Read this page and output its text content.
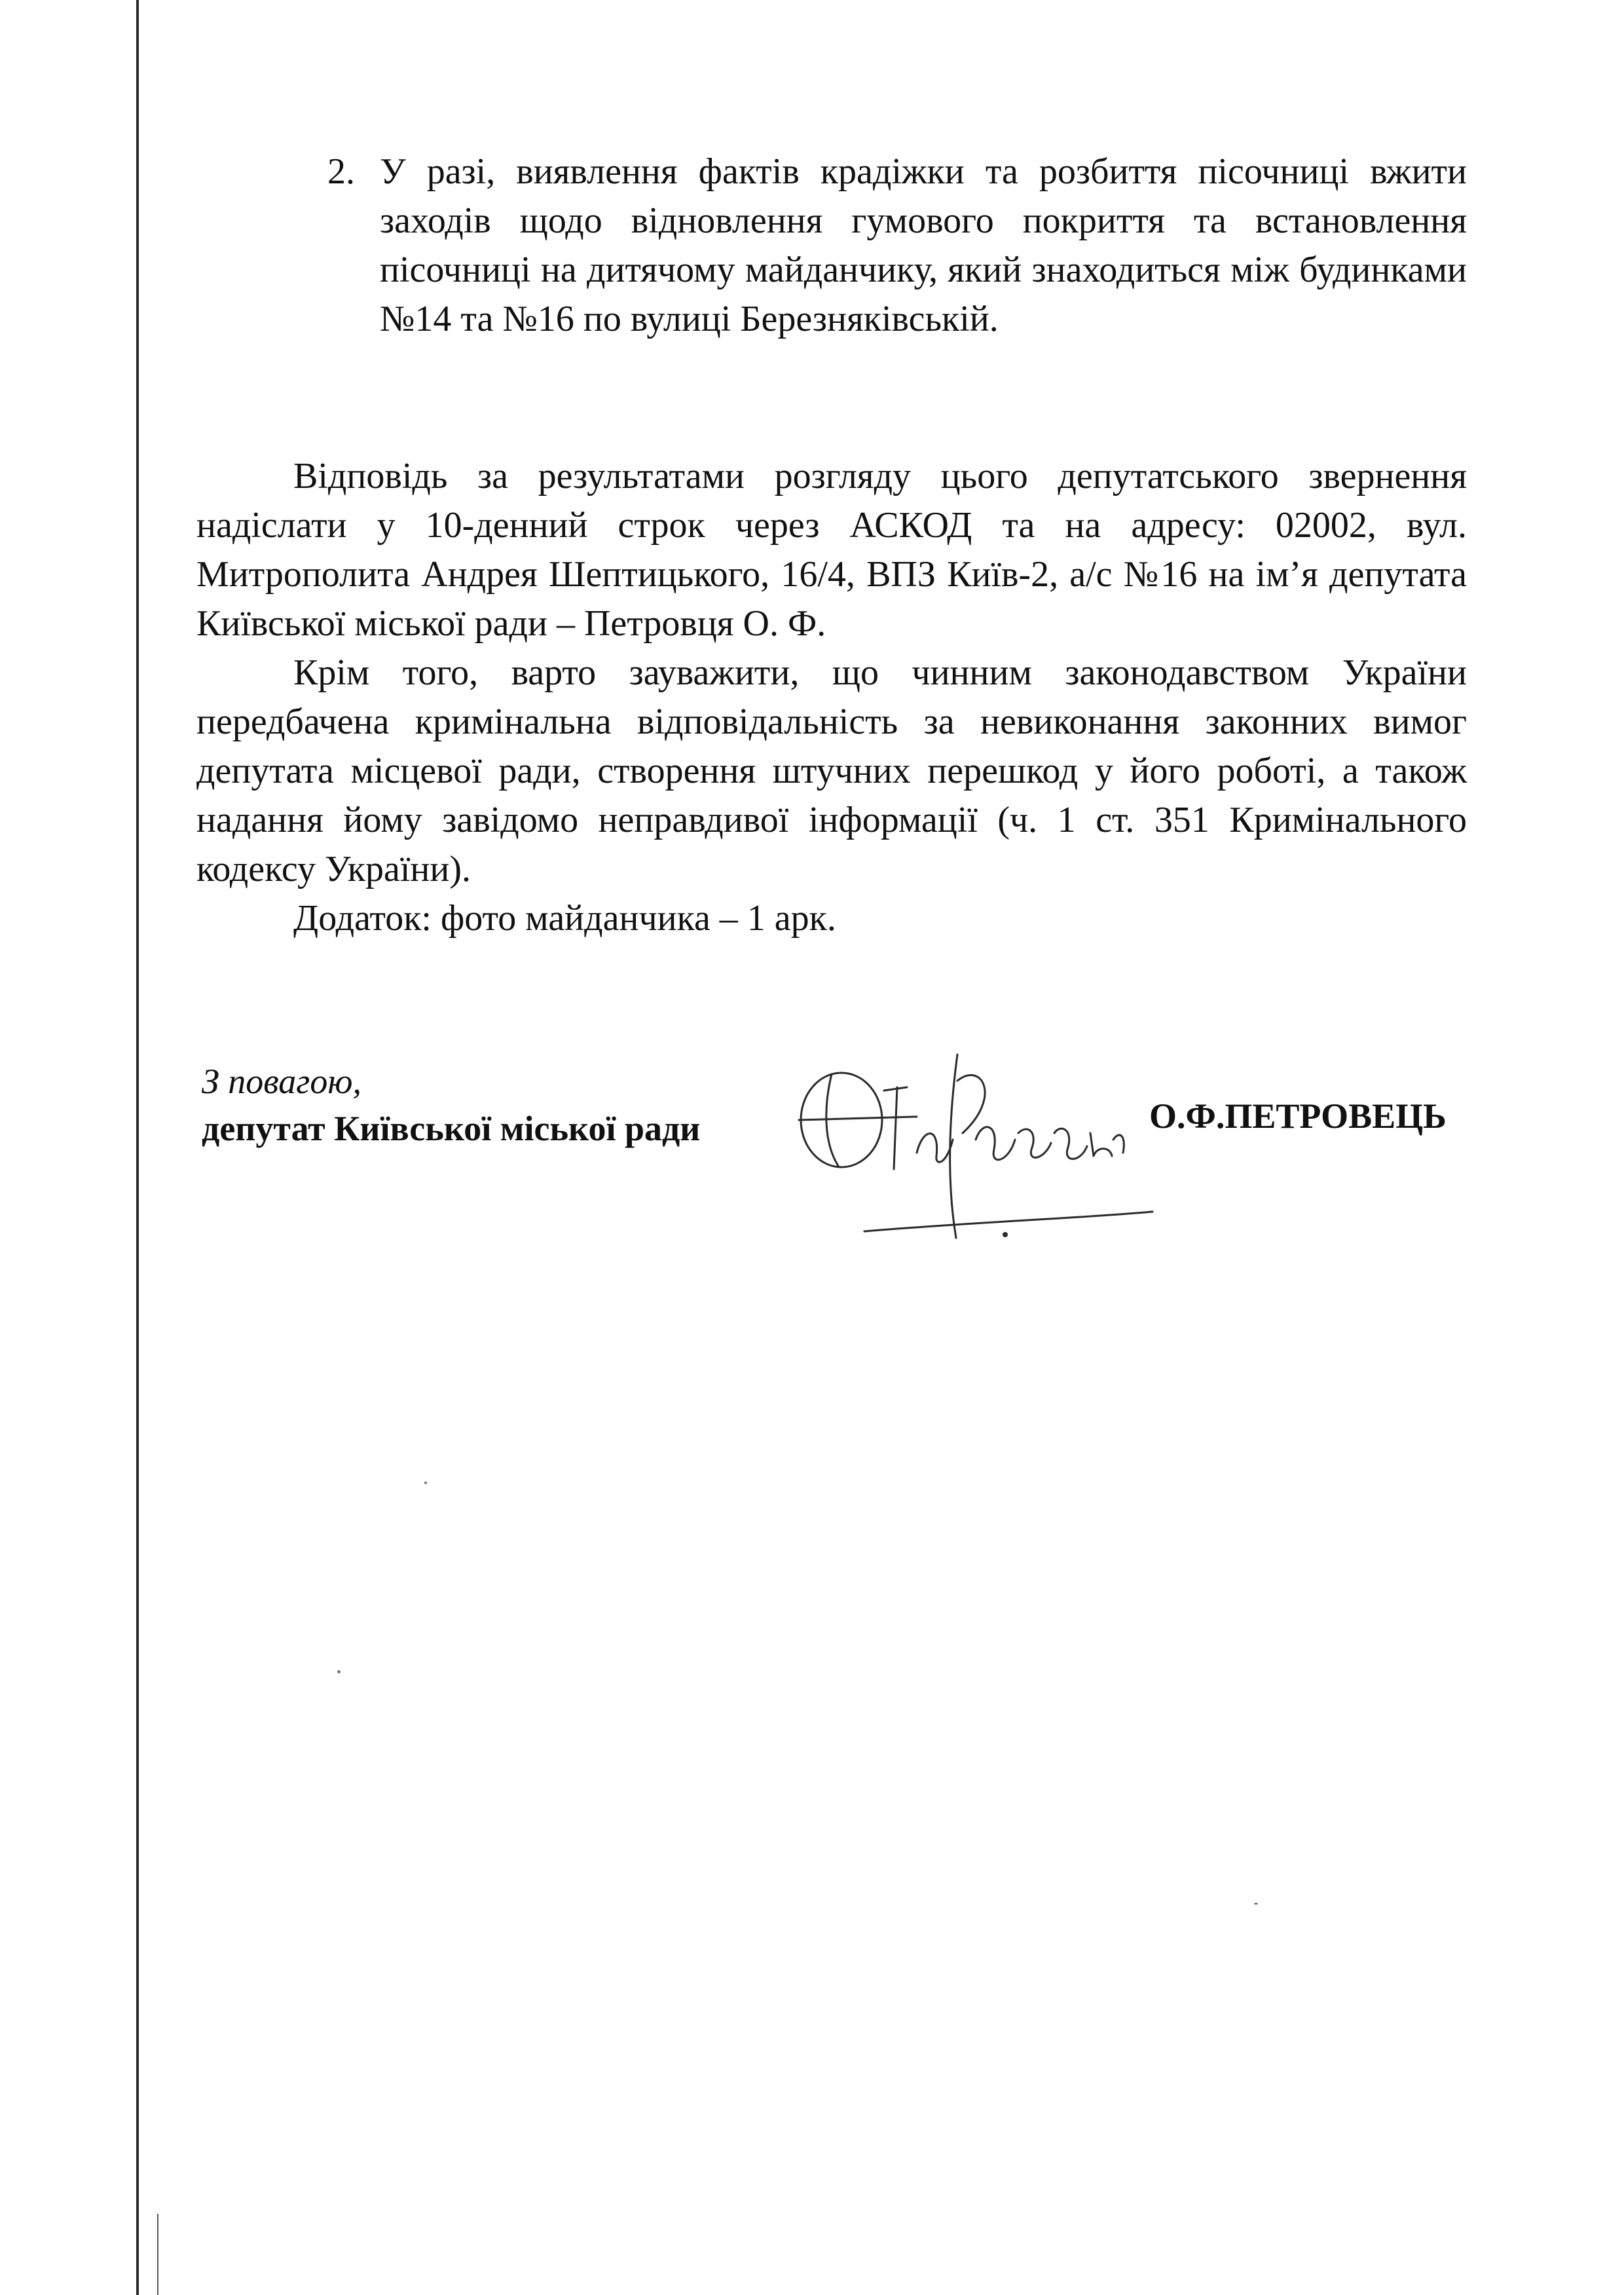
2. У разі, виявлення фактів крадіжки та розбиття пісочниці вжити заходів щодо відновлення гумового покриття та встановлення пісочниці на дитячому майданчику, який знаходиться між будинками №14 та №16 по вулиці Березняківській.

Відповідь за результатами розгляду цього депутатського звернення надіслати у 10-денний строк через АСКОД та на адресу: 02002, вул. Митрополита Андрея Шептицького, 16/4, ВПЗ Київ-2, а/с №16 на ім’я депутата Київської міської ради – Петровця О. Ф.

Крім того, варто зауважити, що чинним законодавством України передбачена кримінальна відповідальність за невиконання законних вимог депутата місцевої ради, створення штучних перешкод у його роботі, а також надання йому завідомо неправдивої інформації (ч. 1 ст. 351 Кримінального кодексу України).

Додаток: фото майданчика – 1 арк.

З повагою,
депутат Київської міської ради	О.Ф.ПЕТРОВЕЦЬ
